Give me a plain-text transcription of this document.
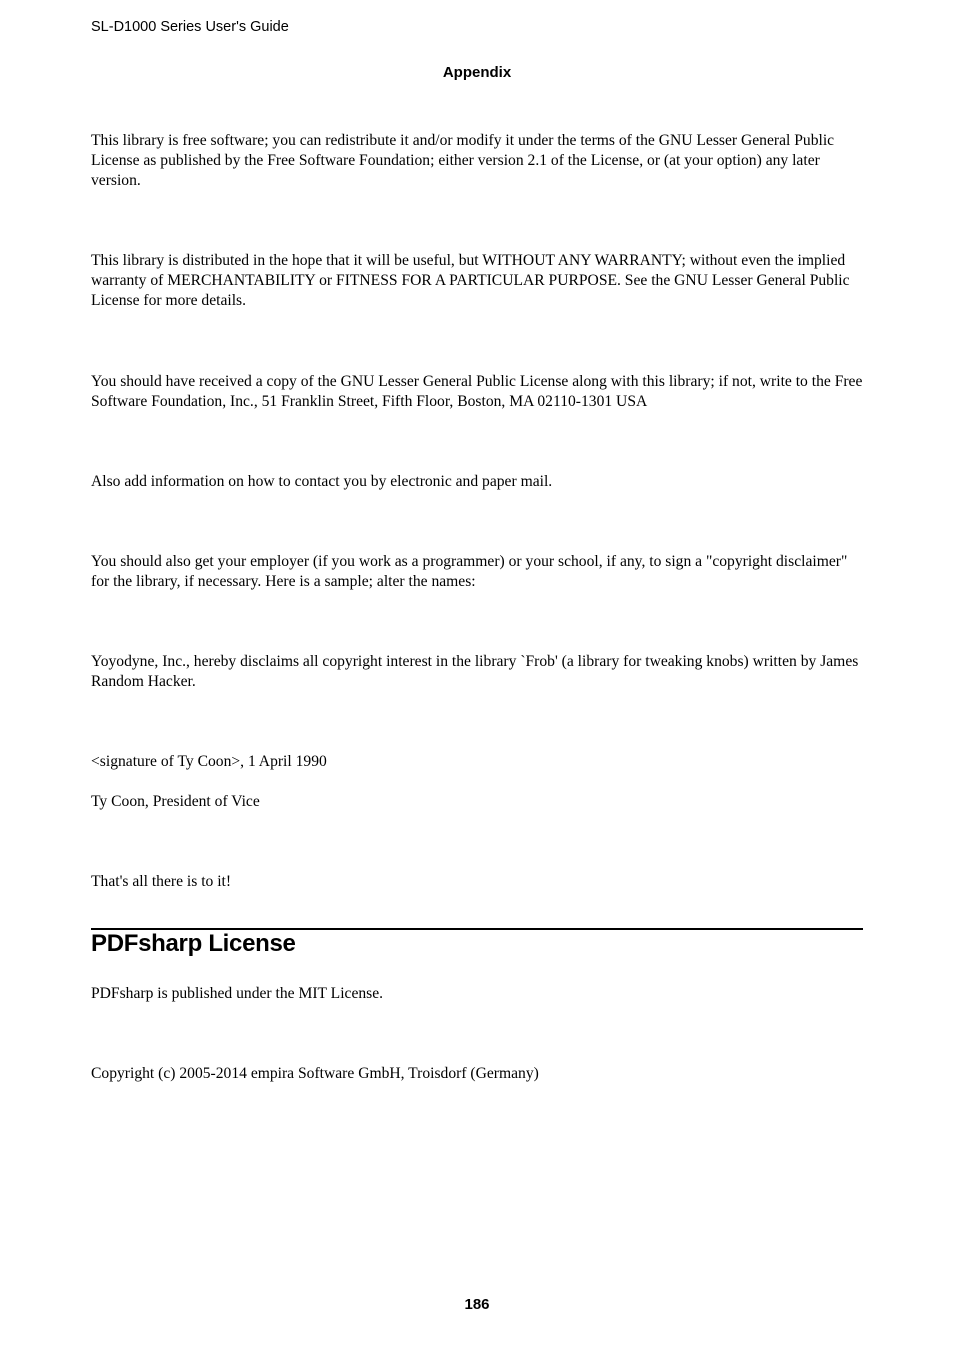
SL-D1000 Series User's Guide
Appendix

This library is free software; you can redistribute it and/or modify it under the terms of the GNU Lesser General Public License as published by the Free Software Foundation; either version 2.1 of the License, or (at your option) any later version.

This library is distributed in the hope that it will be useful, but WITHOUT ANY WARRANTY; without even the implied warranty of MERCHANTABILITY or FITNESS FOR A PARTICULAR PURPOSE. See the GNU Lesser General Public License for more details.

You should have received a copy of the GNU Lesser General Public License along with this library; if not, write to the Free Software Foundation, Inc., 51 Franklin Street, Fifth Floor, Boston, MA 02110-1301 USA

Also add information on how to contact you by electronic and paper mail.

You should also get your employer (if you work as a programmer) or your school, if any, to sign a "copyright disclaimer" for the library, if necessary. Here is a sample; alter the names:

Yoyodyne, Inc., hereby disclaims all copyright interest in the library `Frob' (a library for tweaking knobs) written by James Random Hacker.

<signature of Ty Coon>, 1 April 1990

Ty Coon, President of Vice

That's all there is to it!

PDFsharp License

PDFsharp is published under the MIT License.

Copyright (c) 2005-2014 empira Software GmbH, Troisdorf (Germany)

186
